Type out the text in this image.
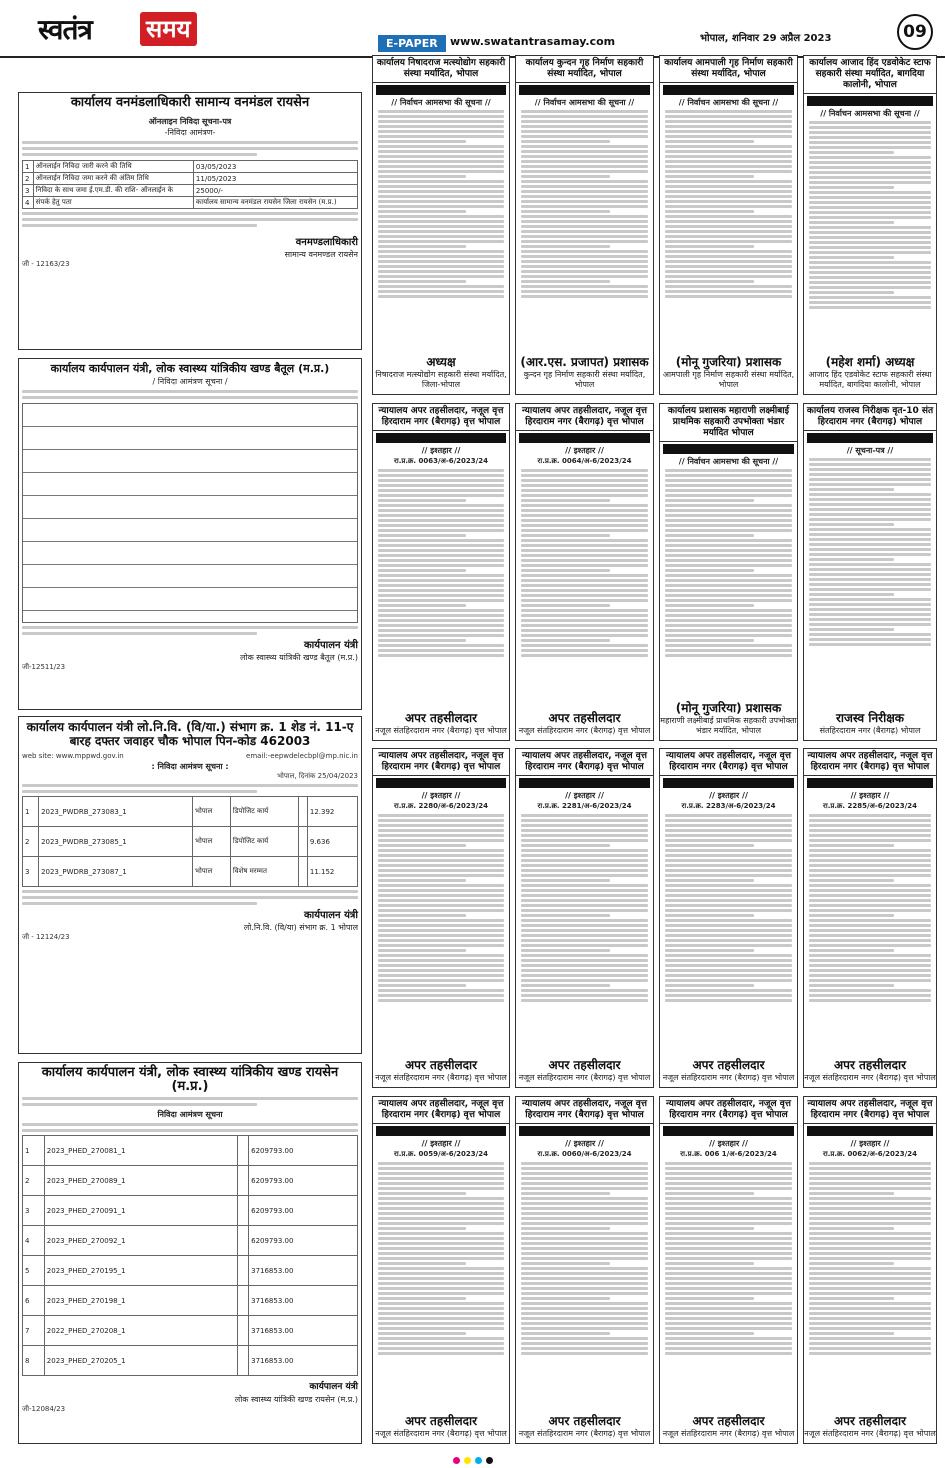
स्वतंत्र समय
E-PAPER	www.swatantrasamay.com	भोपाल, शनिवार 29 अप्रैल 2023	09
कार्यालय वनमंडलाधिकारी सामान्य वनमंडल रायसेन
ऑनलाइन निविदा सूचना-पत्र
-निविदा आमंत्रण-
1	ऑनलाईन निविदा जारी करने की तिथि	03/05/2023
2	ऑनलाईन निविदा जमा करने की अंतिम तिथि	11/05/2023
3	निविदा के साथ जमा ई.एम.डी. की राशि- ऑनलाईन के	25000/-
4	संपर्क हेतु पता	कार्यालय सामान्य वनमंडल रायसेन जिला रायसेन (म.प्र.)
वनमण्डलाधिकारी
सामान्य वनमण्डल रायसेन
जी - 12163/23
कार्यालय कार्यपालन यंत्री, लोक स्वास्थ्य यांत्रिकीय खण्ड बैतूल (म.प्र.)
/ निविदा आमंत्रण सूचना /
कार्यपालन यंत्री
लोक स्वास्थ्य यांत्रिकी खण्ड बैतूल (म.प्र.)
जी-12511/23
कार्यालय कार्यपालन यंत्री लो.नि.वि. (वि/या.) संभाग क्र. 1 शेड नं. 11-ए बारह दफ्तर जवाहर चौक भोपाल पिन-कोड 462003
web site: www.mppwd.gov.in	email:-eepwdelecbpl@mp.nic.in
: निविदा आमंत्रण सूचना :
भोपाल, दिनांक 25/04/2023
1	2023_PWDRB_273083_1	भोपाल	डिपोजिट कार्य		12.392
2	2023_PWDRB_273085_1	भोपाल	डिपोजिट कार्य		9.636
3	2023_PWDRB_273087_1	भोपाल	विशेष मरम्मत		11.152
कार्यपालन यंत्री
लो.नि.वि. (वि/या) संभाग क्र. 1 भोपाल
जी - 12124/23
कार्यालय कार्यपालन यंत्री, लोक स्वास्थ्य यांत्रिकीय खण्ड रायसेन (म.प्र.)
निविदा आमंत्रण सूचना
1	2023_PHED_270081_1		6209793.00
2	2023_PHED_270089_1		6209793.00
3	2023_PHED_270091_1		6209793.00
4	2023_PHED_270092_1		6209793.00
5	2023_PHED_270195_1		3716853.00
6	2023_PHED_270198_1		3716853.00
7	2022_PHED_270208_1		3716853.00
8	2023_PHED_270205_1		3716853.00
कार्यपालन यंत्री
लोक स्वास्थ्य यांत्रिकी खण्ड रायसेन (म.प्र.)
जी-12084/23
कार्यालय निषादराज मत्स्योद्योग सहकारी संस्था मर्यादित, भोपाल

// निर्वाचन आमसभा की सूचना //
अध्यक्ष
निषादराज मत्स्योद्योग सहकारी संस्था मर्यादित, जिला-भोपाल
कार्यालय कुन्दन गृह निर्माण सहकारी संस्था मर्यादित, भोपाल

// निर्वाचन आमसभा की सूचना //
(आर.एस. प्रजापत) प्रशासक
कुन्दन गृह निर्माण सहकारी संस्था मर्यादित, भोपाल
कार्यालय आमपाली गृह निर्माण सहकारी संस्था मर्यादित, भोपाल

// निर्वाचन आमसभा की सूचना //
(मोनू गुजरिया) प्रशासक
आमपाली गृह निर्माण सहकारी संस्था मर्यादित, भोपाल
कार्यालय आजाद हिंद एडवोकेट स्टाफ सहकारी संस्था मर्यादित, बागदिया कालोनी, भोपाल

// निर्वाचन आमसभा की सूचना //
(महेश शर्मा) अध्यक्ष
आजाद हिंद एडवोकेट स्टाफ सहकारी संस्था मर्यादित, बागदिया कालोनी, भोपाल
न्यायालय अपर तहसीलदार, नजूल वृत्त हिरदाराम नगर (बैरागढ़) वृत्त भोपाल

// इश्तहार //
रा.प्र.क्र. 0063/अ-6/2023/24
अपर तहसीलदार
नजूल संतहिरदाराम नगर (बैरागढ़) वृत्त भोपाल
न्यायालय अपर तहसीलदार, नजूल वृत्त हिरदाराम नगर (बैरागढ़) वृत्त भोपाल

// इश्तहार //
रा.प्र.क्र. 0064/अ-6/2023/24
अपर तहसीलदार
नजूल संतहिरदाराम नगर (बैरागढ़) वृत्त भोपाल
कार्यालय प्रशासक महाराणी लक्ष्मीबाई प्राथमिक सहकारी उपभोक्ता भंडार मर्यादित भोपाल

// निर्वाचन आमसभा की सूचना //
(मोनू गुजरिया) प्रशासक
महाराणी लक्ष्मीबाई प्राथमिक सहकारी उपभोक्ता भंडार मर्यादित, भोपाल
कार्यालय राजस्व निरीक्षक वृत-10 संत हिरदाराम नगर (बैरागढ़) भोपाल

// सूचना-पत्र //
राजस्व निरीक्षक
संतहिरदाराम नगर (बैरागढ़) भोपाल
न्यायालय अपर तहसीलदार, नजूल वृत्त हिरदाराम नगर (बैरागढ़) वृत्त भोपाल

// इश्तहार //
रा.प्र.क्र. 2280/अ-6/2023/24
अपर तहसीलदार
नजूल संतहिरदाराम नगर (बैरागढ़) वृत्त भोपाल
न्यायालय अपर तहसीलदार, नजूल वृत्त हिरदाराम नगर (बैरागढ़) वृत्त भोपाल

// इश्तहार //
रा.प्र.क्र. 2281/अ-6/2023/24
अपर तहसीलदार
नजूल संतहिरदाराम नगर (बैरागढ़) वृत्त भोपाल
न्यायालय अपर तहसीलदार, नजूल वृत्त हिरदाराम नगर (बैरागढ़) वृत्त भोपाल

// इश्तहार //
रा.प्र.क्र. 2283/अ-6/2023/24
अपर तहसीलदार
नजूल संतहिरदाराम नगर (बैरागढ़) वृत्त भोपाल
न्यायालय अपर तहसीलदार, नजूल वृत्त हिरदाराम नगर (बैरागढ़) वृत्त भोपाल

// इश्तहार //
रा.प्र.क्र. 2285/अ-6/2023/24
अपर तहसीलदार
नजूल संतहिरदाराम नगर (बैरागढ़) वृत्त भोपाल
न्यायालय अपर तहसीलदार, नजूल वृत्त हिरदाराम नगर (बैरागढ़) वृत्त भोपाल

// इश्तहार //
रा.प्र.क्र. 0059/अ-6/2023/24
अपर तहसीलदार
नजूल संतहिरदाराम नगर (बैरागढ़) वृत्त भोपाल
न्यायालय अपर तहसीलदार, नजूल वृत्त हिरदाराम नगर (बैरागढ़) वृत्त भोपाल

// इश्तहार //
रा.प्र.क्र. 0060/अ-6/2023/24
अपर तहसीलदार
नजूल संतहिरदाराम नगर (बैरागढ़) वृत्त भोपाल
न्यायालय अपर तहसीलदार, नजूल वृत्त हिरदाराम नगर (बैरागढ़) वृत्त भोपाल

// इश्तहार //
रा.प्र.क्र. 006 1/अ-6/2023/24
अपर तहसीलदार
नजूल संतहिरदाराम नगर (बैरागढ़) वृत्त भोपाल
न्यायालय अपर तहसीलदार, नजूल वृत्त हिरदाराम नगर (बैरागढ़) वृत्त भोपाल

// इश्तहार //
रा.प्र.क्र. 0062/अ-6/2023/24
अपर तहसीलदार
नजूल संतहिरदाराम नगर (बैरागढ़) वृत्त भोपाल
